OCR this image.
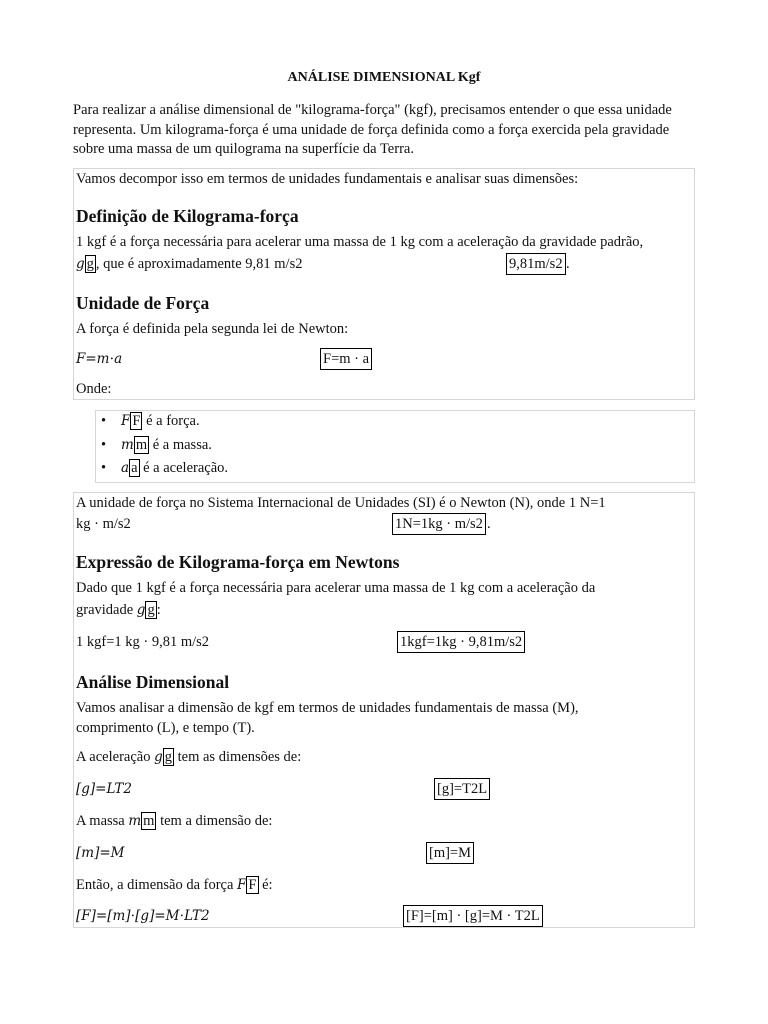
ANÁLISE DIMENSIONAL Kgf
Para realizar a análise dimensional de "kilograma-força" (kgf), precisamos entender o que essa unidade representa. Um kilograma-força é uma unidade de força definida como a força exercida pela gravidade sobre uma massa de um quilograma na superfície da Terra.
Vamos decompor isso em termos de unidades fundamentais e analisar suas dimensões:
Definição de Kilograma-força
1 kgf é a força necessária para acelerar uma massa de 1 kg com a aceleração da gravidade padrão,
g g , que é aproximadamente 9,81 m/s2	9,81m/s2 .
Unidade de Força
A força é definida pela segunda lei de Newton:
F=m⋅a	F=m · a
Onde:
• F F é a força.
• m m é a massa.
• a a é a aceleração.
A unidade de força no Sistema Internacional de Unidades (SI) é o Newton (N), onde 1 N=1
kg · m/s2	1N=1kg · m/s2 .
Expressão de Kilograma-força em Newtons
Dado que 1 kgf é a força necessária para acelerar uma massa de 1 kg com a aceleração da
gravidade g g :
1 kgf=1 kg · 9,81 m/s2	1kgf=1kg · 9,81m/s2
Análise Dimensional
Vamos analisar a dimensão de kgf em termos de unidades fundamentais de massa (M),
comprimento (L), e tempo (T).
A aceleração g g tem as dimensões de:
[g]=LT2	[g]=T2L
A massa m m tem a dimensão de:
[m]=M	[m]=M
Então, a dimensão da força F F é:
[F]=[m]⋅[g]=M⋅LT2	[F]=[m] · [g]=M · T2L
